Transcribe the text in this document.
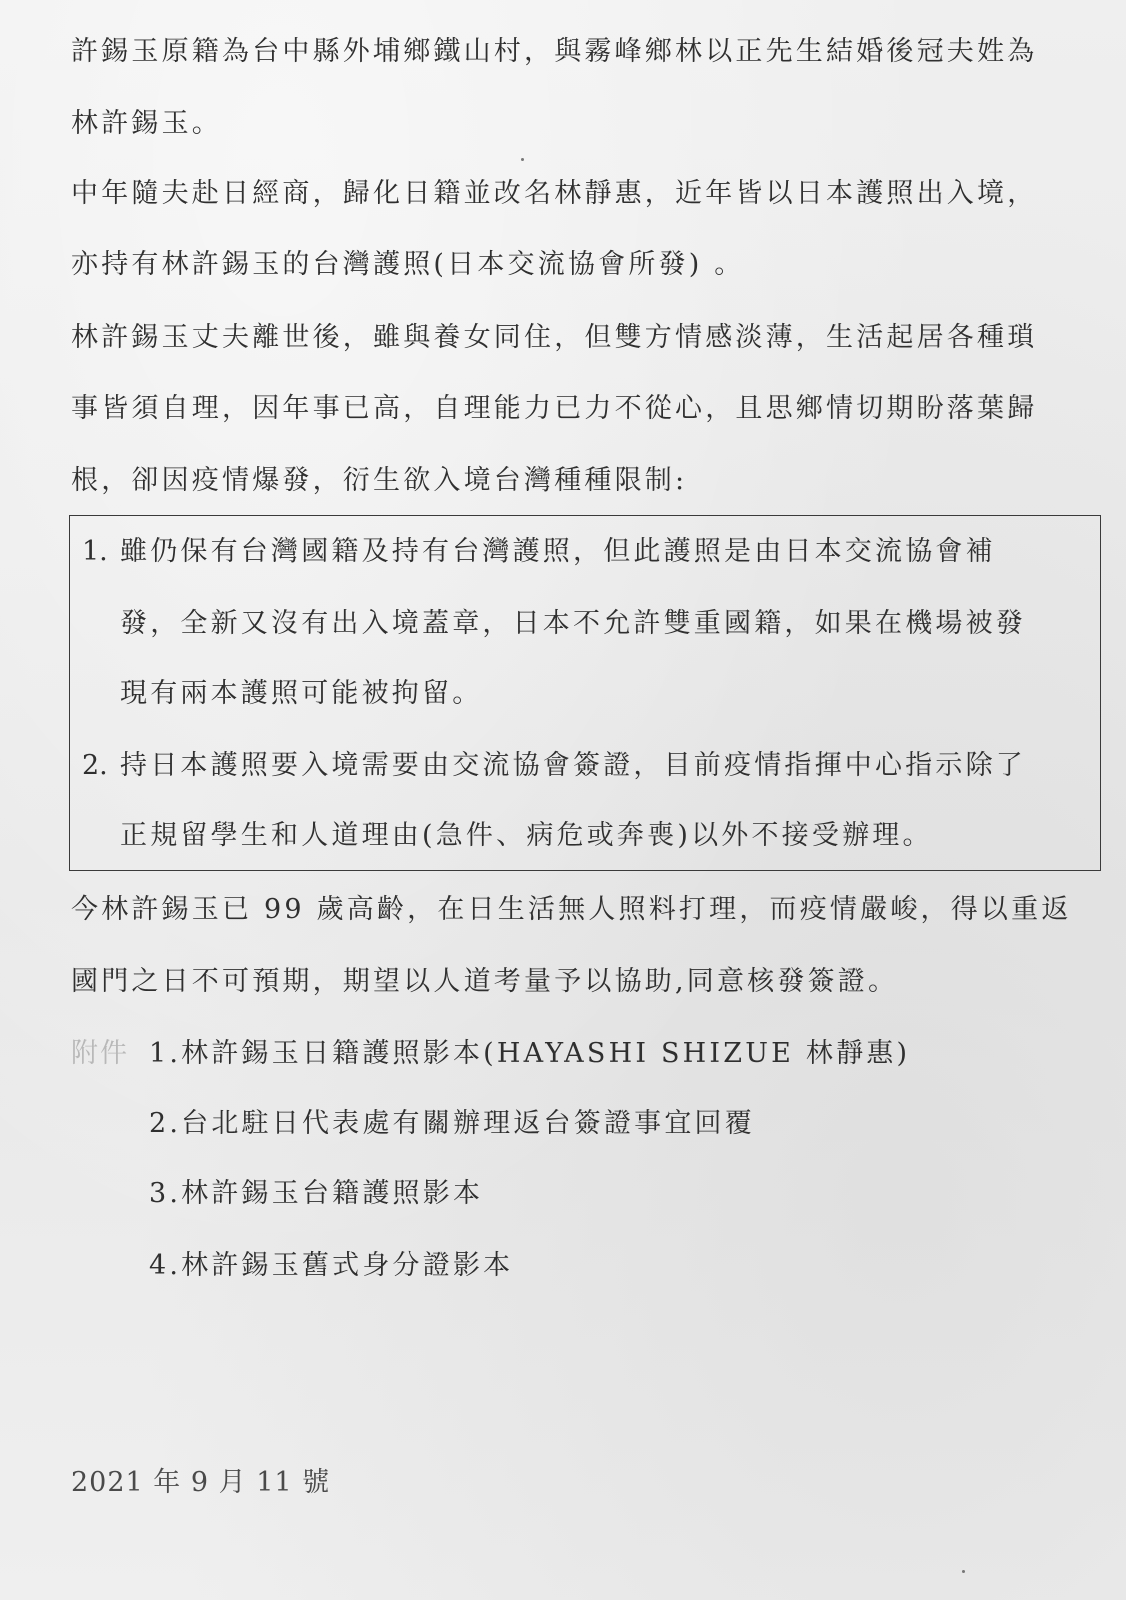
許錫玉原籍為台中縣外埔鄉鐵山村，與霧峰鄉林以正先生結婚後冠夫姓為
林許錫玉。
中年隨夫赴日經商，歸化日籍並改名林靜惠，近年皆以日本護照出入境，
亦持有林許錫玉的台灣護照(日本交流協會所發) 。
林許錫玉丈夫離世後，雖與養女同住，但雙方情感淡薄，生活起居各種瑣
事皆須自理，因年事已高，自理能力已力不從心，且思鄉情切期盼落葉歸
根，卻因疫情爆發，衍生欲入境台灣種種限制:
1. 雖仍保有台灣國籍及持有台灣護照，但此護照是由日本交流協會補
發，全新又沒有出入境蓋章，日本不允許雙重國籍，如果在機場被發
現有兩本護照可能被拘留。
2. 持日本護照要入境需要由交流協會簽證，目前疫情指揮中心指示除了
正規留學生和人道理由(急件、病危或奔喪)以外不接受辦理。
今林許錫玉已 99 歲高齡，在日生活無人照料打理，而疫情嚴峻，得以重返
國門之日不可預期，期望以人道考量予以協助,同意核發簽證。
附件 1.林許錫玉日籍護照影本(HAYASHI SHIZUE 林靜惠)
2.台北駐日代表處有關辦理返台簽證事宜回覆
3.林許錫玉台籍護照影本
4.林許錫玉舊式身分證影本
2021 年 9 月 11 號
